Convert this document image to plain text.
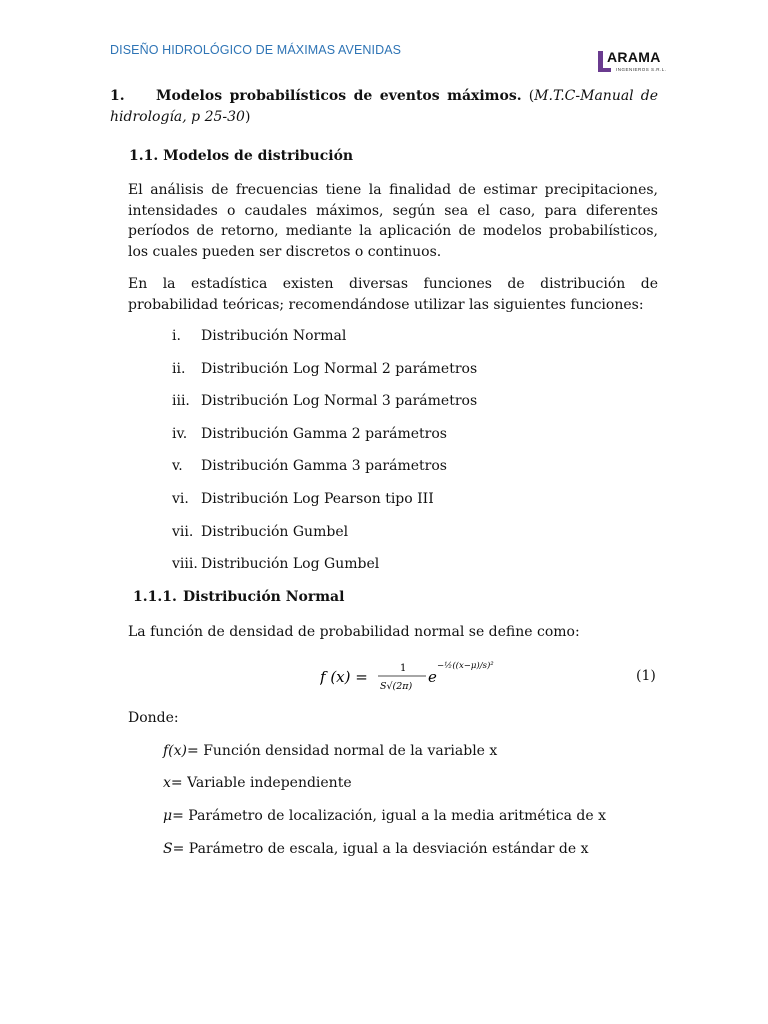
DISEÑO HIDROLÓGICO DE MÁXIMAS AVENIDAS	ARAMA
INGENIEROS S.R.L.
1. Modelos probabilísticos de eventos máximos. (M.T.C-Manual de hidrología, p 25-30)
1.1. Modelos de distribución
El análisis de frecuencias tiene la finalidad de estimar precipitaciones, intensidades o caudales máximos, según sea el caso, para diferentes períodos de retorno, mediante la aplicación de modelos probabilísticos, los cuales pueden ser discretos o continuos.
En la estadística existen diversas funciones de distribución de probabilidad teóricas; recomendándose utilizar las siguientes funciones:
i.	Distribución Normal
ii.	Distribución Log Normal 2 parámetros
iii. Distribución Log Normal 3 parámetros
iv. Distribución Gamma 2 parámetros
v.	Distribución Gamma 3 parámetros
vi. Distribución Log Pearson tipo III
vii. Distribución Gumbel
viii. Distribución Log Gumbel
1.1.1. Distribución Normal
La función de densidad de probabilidad normal se define como:
f (x) =	1
S√(2π)
e
−½((x−μ)/s)²
(1)
Donde:
f(x)= Función densidad normal de la variable x
x= Variable independiente
μ= Parámetro de localización, igual a la media aritmética de x
S= Parámetro de escala, igual a la desviación estándar de x
